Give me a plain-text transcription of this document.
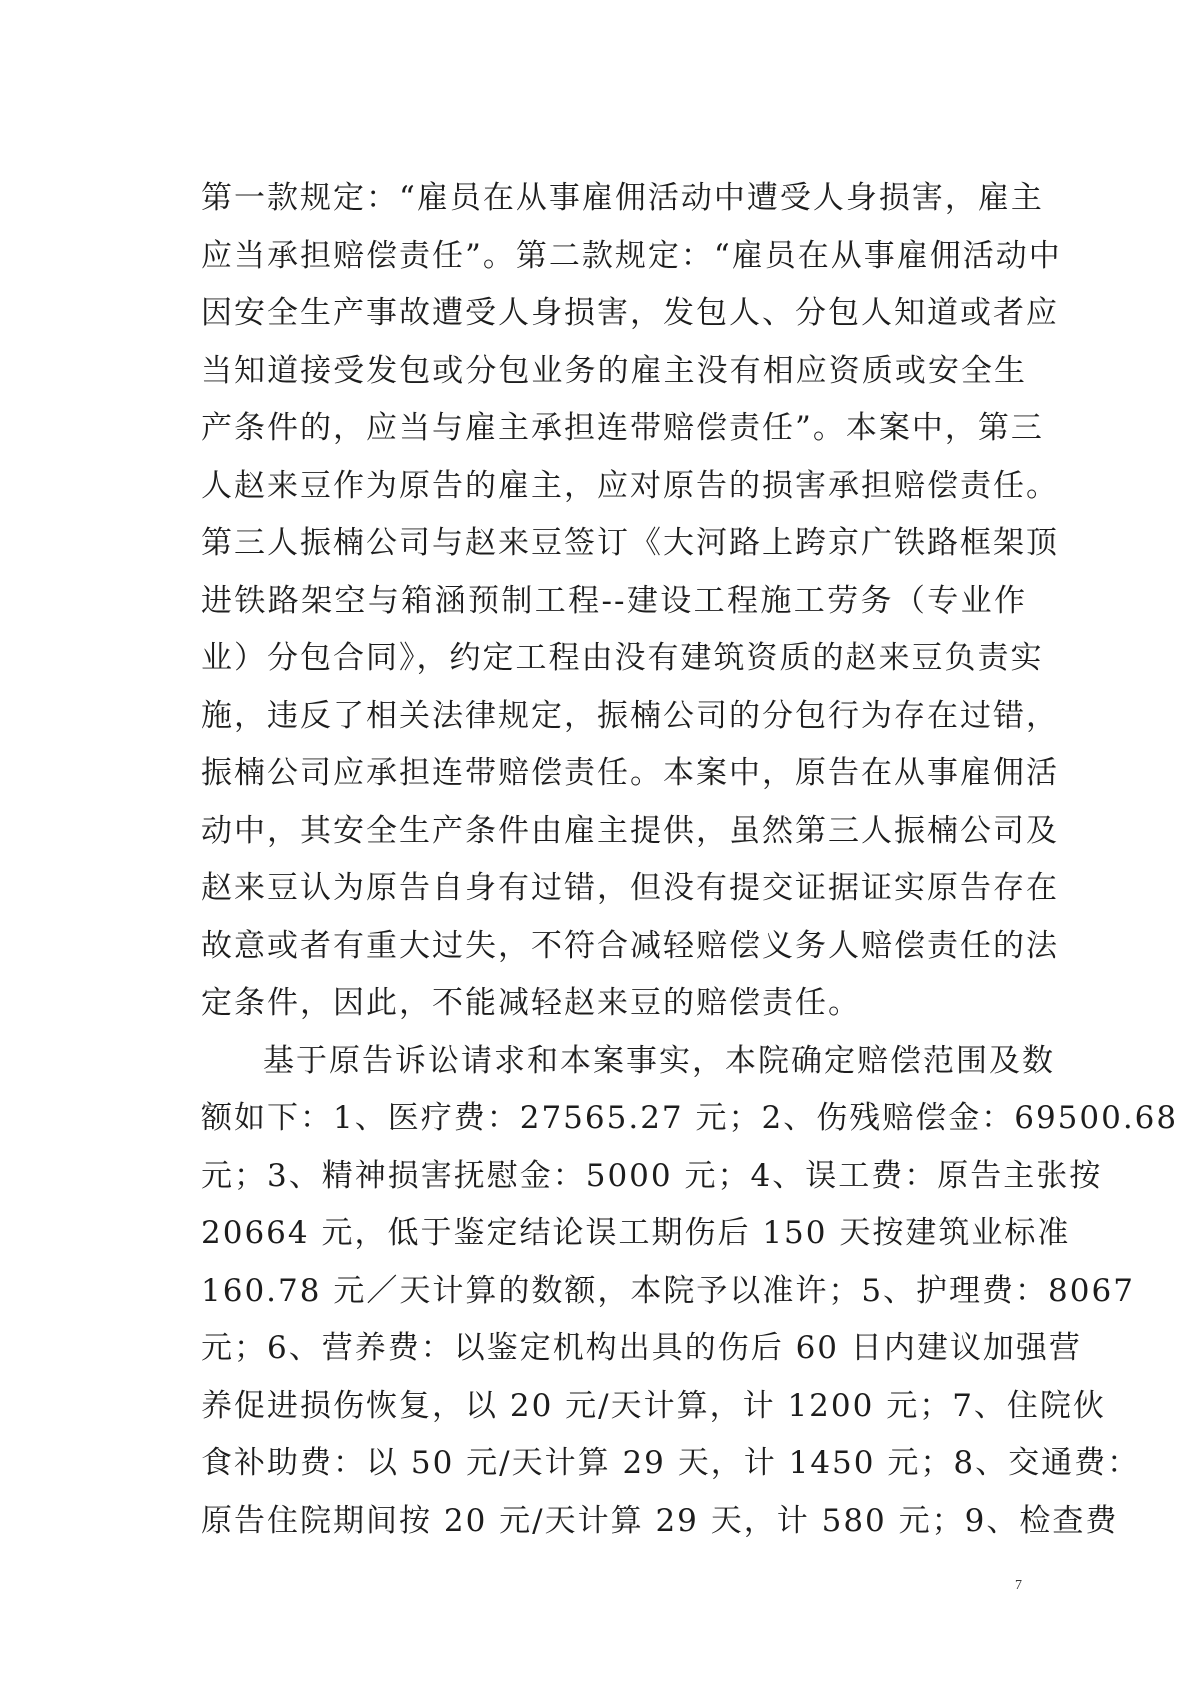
第一款规定：“雇员在从事雇佣活动中遭受人身损害，雇主
应当承担赔偿责任”。第二款规定：“雇员在从事雇佣活动中
因安全生产事故遭受人身损害，发包人、分包人知道或者应
当知道接受发包或分包业务的雇主没有相应资质或安全生
产条件的，应当与雇主承担连带赔偿责任”。本案中，第三
人赵来豆作为原告的雇主，应对原告的损害承担赔偿责任。
第三人振楠公司与赵来豆签订《大河路上跨京广铁路框架顶
进铁路架空与箱涵预制工程--建设工程施工劳务（专业作
业）分包合同》，约定工程由没有建筑资质的赵来豆负责实
施，违反了相关法律规定，振楠公司的分包行为存在过错，
振楠公司应承担连带赔偿责任。本案中，原告在从事雇佣活
动中，其安全生产条件由雇主提供，虽然第三人振楠公司及
赵来豆认为原告自身有过错，但没有提交证据证实原告存在
故意或者有重大过失，不符合减轻赔偿义务人赔偿责任的法
定条件，因此，不能减轻赵来豆的赔偿责任。
基于原告诉讼请求和本案事实，本院确定赔偿范围及数
额如下：1、医疗费：27565.27 元；2、伤残赔偿金：69500.68
元；3、精神损害抚慰金：5000 元；4、误工费：原告主张按
20664 元，低于鉴定结论误工期伤后 150 天按建筑业标准
160.78 元／天计算的数额，本院予以准许；5、护理费：8067
元；6、营养费：以鉴定机构出具的伤后 60 日内建议加强营
养促进损伤恢复，以 20 元/天计算，计 1200 元；7、住院伙
食补助费：以 50 元/天计算 29 天，计 1450 元；8、交通费：
原告住院期间按 20 元/天计算 29 天，计 580 元；9、检查费
7
